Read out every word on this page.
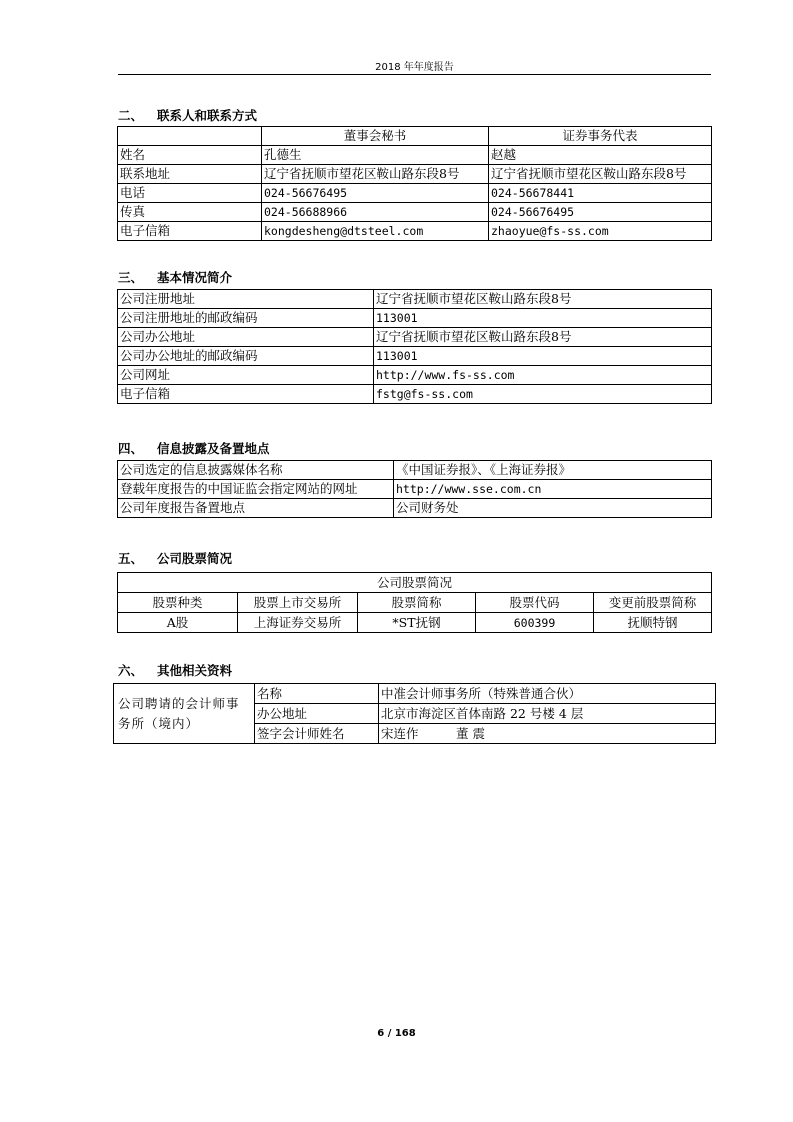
2018 年年度报告
二、 联系人和联系方式
	董事会秘书	证券事务代表
姓名	孔德生	赵越
联系地址	辽宁省抚顺市望花区鞍山路东段8号	辽宁省抚顺市望花区鞍山路东段8号
电话	024-56676495	024-56678441
传真	024-56688966	024-56676495
电子信箱	kongdesheng@dtsteel.com	zhaoyue@fs-ss.com
三、 基本情况简介
公司注册地址	辽宁省抚顺市望花区鞍山路东段8号
公司注册地址的邮政编码	113001
公司办公地址	辽宁省抚顺市望花区鞍山路东段8号
公司办公地址的邮政编码	113001
公司网址	http://www.fs-ss.com
电子信箱	fstg@fs-ss.com
四、 信息披露及备置地点
公司选定的信息披露媒体名称	《中国证券报》、《上海证券报》
登载年度报告的中国证监会指定网站的网址	http://www.sse.com.cn
公司年度报告备置地点	公司财务处
五、 公司股票简况
公司股票简况				
股票种类	股票上市交易所	股票简称	股票代码	变更前股票简称
A股	上海证券交易所	*ST抚钢	600399	抚顺特钢
六、 其他相关资料
公司聘请的会计师事务所（境内）	名称	中准会计师事务所（特殊普通合伙）
	办公地址	北京市海淀区首体南路 22 号楼 4 层
	签字会计师姓名	宋连作　　　董 震
6 / 168
